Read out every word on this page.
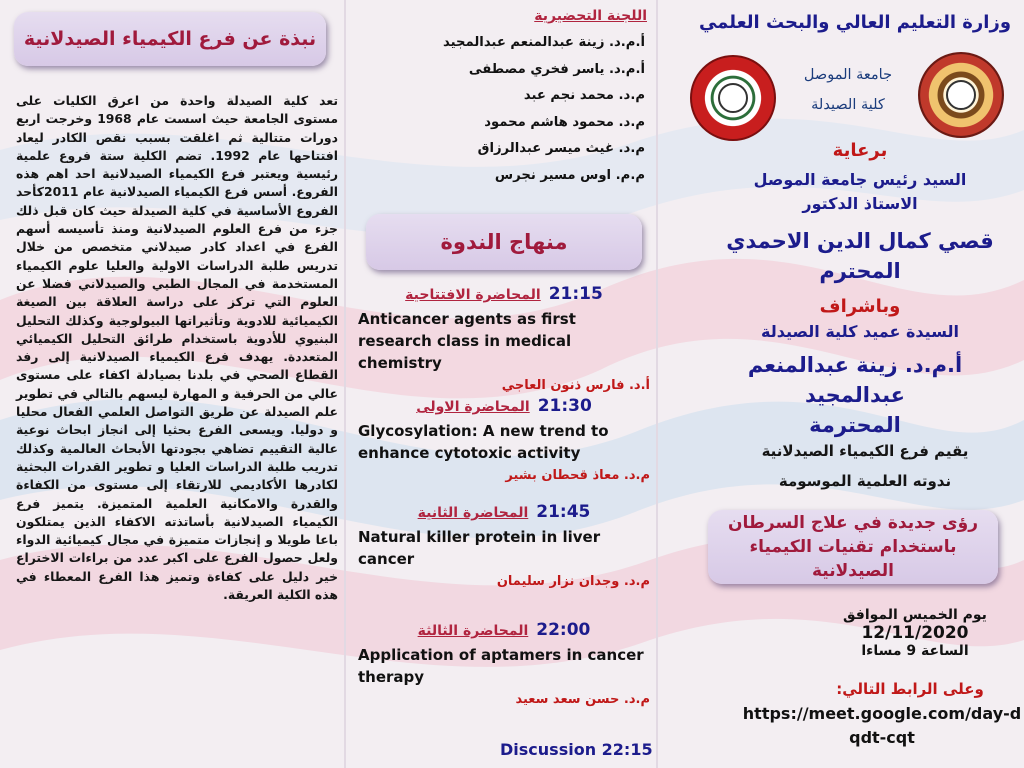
نبذة عن فرع الكيمياء الصيدلانية

تعد كلية الصيدلة واحدة من اعرق الكليات على مستوى الجامعة حيث اسست عام 1968 وخرجت اربع دورات متتالية ثم اغلقت بسبب نقص الكادر ليعاد افتتاحها عام 1992. تضم الكلية ستة فروع علمية رئيسية ويعتبر فرع الكيمياء الصيدلانية احد اهم هذه الفروع. أسس فرع الكيمياء الصيدلانية عام 2011كأحد الفروع الأساسية في كلية الصيدلة حيث كان قبل ذلك جزء من فرع العلوم الصيدلانية ومنذ تأسيسه أسهم الفرع في اعداد كادر صيدلاني متخصص من خلال تدريس طلبة الدراسات الاولية والعليا علوم الكيمياء المستخدمة في المجال الطبي والصيدلاني فضلا عن العلوم التي تركز على دراسة العلاقة بين الصيغة الكيميائية للادوية وتأثيراتها البيولوجية وكذلك التحليل البنيوي للأدوية باستخدام طرائق التحليل الكيميائي المتعددة. يهدف فرع الكيمياء الصيدلانية إلى رفد القطاع الصحي في بلدنا بصيادلة اكفاء على مستوى عالي من الحرفية و المهارة ليسهم بالتالي في تطوير علم الصيدلة عن طريق التواصل العلمي الفعال محليا و دوليا. ويسعى الفرع بحثيا إلى انجاز ابحاث نوعية عالية التقييم تضاهي بجودتها الأبحاث العالمية وكذلك تدريب طلبة الدراسات العليا و تطوير القدرات البحثية لكادرها الأكاديمي للارتقاء إلى مستوى من الكفاءة والقدرة والامكانية العلمية المتميزة. يتميز فرع الكيمياء الصيدلانية بأساتذته الاكفاء الذين يمتلكون باعا طويلا و إنجازات متميزة في مجال كيميائية الدواء ولعل حصول الفرع على اكبر عدد من براءات الاختراع خير دليل على كفاءة وتميز هذا الفرع المعطاء في هذه الكلية العريقة.

اللجنة التحضيرية
أ.م.د. زينة عبدالمنعم عبدالمجيد
أ.م.د. ياسر فخري مصطفى
م.د. محمد نجم عبد
م.د. محمود هاشم محمود
م.د. غيث ميسر عبدالرزاق
م.م. اوس مسير نجرس
منهاج الندوة
21:15
المحاضرة الافتتاحية
Anticancer agents as first research class in medical chemistry
أ.د. فارس ذنون العاجي
21:30
المحاضرة الاولى
Glycosylation: A new trend to enhance cytotoxic activity
م.د. معاذ قحطان بشير
21:45
المحاضرة الثانية
Natural killer protein in liver cancer
م.د. وجدان نزار سليمان
22:00
المحاضرة الثالثة
Application of aptamers in cancer therapy
م.د. حسن سعد سعيد
Discussion 22:15
وزارة التعليم العالي والبحث العلمي
جامعة الموصل
كلية الصيدلة
برعاية
السيد رئيس جامعة الموصل
الاستاذ الدكتور
قصي كمال الدين الاحمدي
المحترم
وباشراف
السيدة عميد كلية الصيدلة
أ.م.د. زينة عبدالمنعم عبدالمجيد
المحترمة
يقيم فرع الكيمياء الصيدلانية
ندوته العلمية الموسومة
رؤى جديدة في علاج السرطان
باستخدام تقنيات الكيمياء الصيدلانية
يوم الخميس الموافق
12/11/2020
الساعة 9 مساءا
وعلى الرابط التالي:
https://meet.google.com/day-dqdt-cqt
